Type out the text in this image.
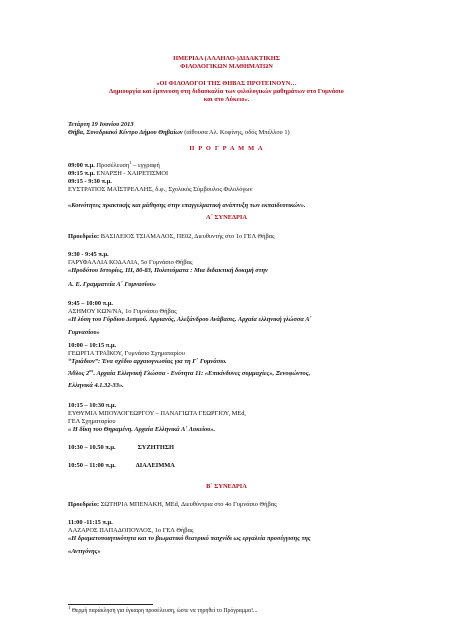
ΗΜΕΡΙΔΑ (ΑΛΛΗΛΟ-)ΔΙΔΑΚΤΙΚΗΣ
ΦΙΛΟΛΟΓΙΚΩΝ ΜΑΘΗΜΑΤΩΝ
«ΟΙ ΦΙΛΟΛΟΓΟΙ ΤΗΣ ΘΗΒΑΣ ΠΡΟΤΕΙΝΟΥΝ…
Δημιουργία και έμπνευση στη διδασκαλία των φιλολογικών μαθημάτων στο Γυμνάσιο
και στο Λύκειο».
Τετάρτη 19 Ιουνίου 2013
Θήβα, Συνεδριακό Κέντρο Δήμου Θηβαίων (αίθουσα Αλ. Κοφίνης, οδός Μπέλλου 1)
Π Ρ Ο Γ Ρ Α Μ Μ Α
09:00 π.μ. Προσέλευση$^1$ – εγγραφή
09:15 π.μ. ΕΝΑΡΞΗ - ΧΑΙΡΕΤΙΣΜΟΙ
09:15 - 9:30 π.μ.
ΕΥΣΤΡΑΤΙΟΣ ΜΑΪΣΤΡΕΛΛΗΣ, δ.φ., Σχολικός Σύμβουλος Φιλολόγων
«Κοινότητες πρακτικής και μάθησης στην επαγγελματική ανάπτυξη των εκπαιδευτικών».
Α΄ ΣΥΝΕΔΡΙΑ
Προεδρείο: ΒΑΣΙΛΕΙΟΣ ΤΣΙΑΜΑΛΟΣ, ΠΕ02, Διευθυντής στο 1ο ΓΕΛ Θήβας
9:30 - 9:45 π.μ.
ΓΑΡΥΦΑΛΛΙΑ ΚΟΔΑΛΙΑ, 5ο Γυμνάσιο Θήβας
«Ηροδότου Ιστορίες, ΙΙΙ, 80-83, Πολιτεύματα : Μια διδακτική δοκιμή στην
Α. Ε. Γραμματεία Α΄ Γυμνασίου»
9:45 – 10:00 π.μ.
ΑΣΗΜΟΥ ΚΩΝ/ΝΑ, 1ο Γυμνάσιο Θήβας
«Η λύση του Γόρδιου Δεσμού. Αρριανός, Αλεξάνδρου Ανάβασις. Αρχαία ελληνική γλώσσα Α΄
Γυμνασίου»
10:00 – 10:15 π.μ.
ΓΕΩΡΓΙΑ ΤΡΑΪΚΟΥ, Γυμνάσιο Σχηματαρίου
“Τριάδιον”: Ένα σχέδιο αρχαιογνωσίας για τη Γ΄ Γυμνάσιο.
Άθλος $2^{o\varsigma}$. Αρχαία Ελληνική Γλώσσα - Ενότητα 11: «Επικίνδυνες συμμαχίες», Ξενοφώντος,
Ελληνικά 4.1.32-33».
10:15 – 10:30 π.μ.
ΕΥΘΥΜΙΑ ΜΠΟΥΛΟΓΕΩΡΓΟΥ – ΠΑΝΑΓΙΩΤΑ ΓΕΩΡΓΙΟΥ, MEd,
ΓΕΛ Σχηματαρίου
« Η δίκη του Θηραμένη. Αρχαία Ελληνικά Α΄ Λυκείου».
10:30 – 10.50 π.μ.	ΣΥΖΗΤΗΣΗ
10:50 – 11:00 π.μ.	ΔΙΑΛΕΙΜΜΑ
Β΄ ΣΥΝΕΔΡΙΑ
Προεδρείο: ΣΩΤΗΡΙΑ ΜΠΕΝΑΚΗ, MEd, Διευθύντρια στο 4ο Γυμνάσιο Θήβας
11:00 -11:15 π.μ.
ΛΑΖΑΡΟΣ ΠΑΠΑΔΟΠΟΥΛΟΣ, 1ο ΓΕΛ Θήβας
«Η δραματοποιητικότητα και το βιωματικό θεατρικό παιχνίδι ως εργαλεία προσέγγισης της
«Αντιγόνης»
$^1$ Θερμή παράκληση για έγκαιρη προσέλευση, ώστε να τηρηθεί το Πρόγραμμα!...
